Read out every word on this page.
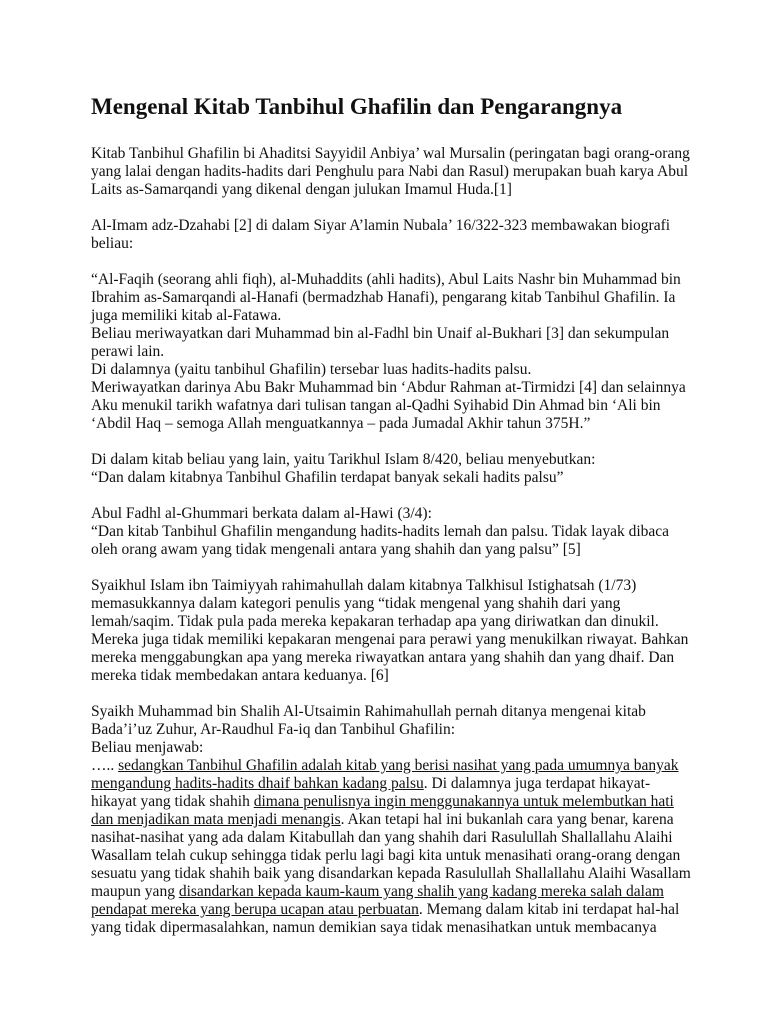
Mengenal Kitab Tanbihul Ghafilin dan Pengarangnya
Kitab Tanbihul Ghafilin bi Ahaditsi Sayyidil Anbiya’ wal Mursalin (peringatan bagi orang-orang
yang lalai dengan hadits-hadits dari Penghulu para Nabi dan Rasul) merupakan buah karya Abul
Laits as-Samarqandi yang dikenal dengan julukan Imamul Huda.[1]
Al-Imam adz-Dzahabi [2] di dalam Siyar A’lamin Nubala’ 16/322-323 membawakan biografi
beliau:
“Al-Faqih (seorang ahli fiqh), al-Muhaddits (ahli hadits), Abul Laits Nashr bin Muhammad bin
Ibrahim as-Samarqandi al-Hanafi (bermadzhab Hanafi), pengarang kitab Tanbihul Ghafilin. Ia
juga memiliki kitab al-Fatawa.
Beliau meriwayatkan dari Muhammad bin al-Fadhl bin Unaif al-Bukhari [3] dan sekumpulan
perawi lain.
Di dalamnya (yaitu tanbihul Ghafilin) tersebar luas hadits-hadits palsu.
Meriwayatkan darinya Abu Bakr Muhammad bin ‘Abdur Rahman at-Tirmidzi [4] dan selainnya
Aku menukil tarikh wafatnya dari tulisan tangan al-Qadhi Syihabid Din Ahmad bin ‘Ali bin
‘Abdil Haq – semoga Allah menguatkannya – pada Jumadal Akhir tahun 375H.”
Di dalam kitab beliau yang lain, yaitu Tarikhul Islam 8/420, beliau menyebutkan:
“Dan dalam kitabnya Tanbihul Ghafilin terdapat banyak sekali hadits palsu”
Abul Fadhl al-Ghummari berkata dalam al-Hawi (3/4):
“Dan kitab Tanbihul Ghafilin mengandung hadits-hadits lemah dan palsu. Tidak layak dibaca
oleh orang awam yang tidak mengenali antara yang shahih dan yang palsu” [5]
Syaikhul Islam ibn Taimiyyah rahimahullah dalam kitabnya Talkhisul Istighatsah (1/73)
memasukkannya dalam kategori penulis yang “tidak mengenal yang shahih dari yang
lemah/saqim. Tidak pula pada mereka kepakaran terhadap apa yang diriwatkan dan dinukil.
Mereka juga tidak memiliki kepakaran mengenai para perawi yang menukilkan riwayat. Bahkan
mereka menggabungkan apa yang mereka riwayatkan antara yang shahih dan yang dhaif. Dan
mereka tidak membedakan antara keduanya. [6]
Syaikh Muhammad bin Shalih Al-Utsaimin Rahimahullah pernah ditanya mengenai kitab
Bada’i’uz Zuhur, Ar-Raudhul Fa-iq dan Tanbihul Ghafilin:
Beliau menjawab:
….. sedangkan Tanbihul Ghafilin adalah kitab yang berisi nasihat yang pada umumnya banyak
mengandung hadits-hadits dhaif bahkan kadang palsu. Di dalamnya juga terdapat hikayat-
hikayat yang tidak shahih dimana penulisnya ingin menggunakannya untuk melembutkan hati
dan menjadikan mata menjadi menangis. Akan tetapi hal ini bukanlah cara yang benar, karena
nasihat-nasihat yang ada dalam Kitabullah dan yang shahih dari Rasulullah Shallallahu Alaihi
Wasallam telah cukup sehingga tidak perlu lagi bagi kita untuk menasihati orang-orang dengan
sesuatu yang tidak shahih baik yang disandarkan kepada Rasulullah Shallallahu Alaihi Wasallam
maupun yang disandarkan kepada kaum-kaum yang shalih yang kadang mereka salah dalam
pendapat mereka yang berupa ucapan atau perbuatan. Memang dalam kitab ini terdapat hal-hal
yang tidak dipermasalahkan, namun demikian saya tidak menasihatkan untuk membacanya
